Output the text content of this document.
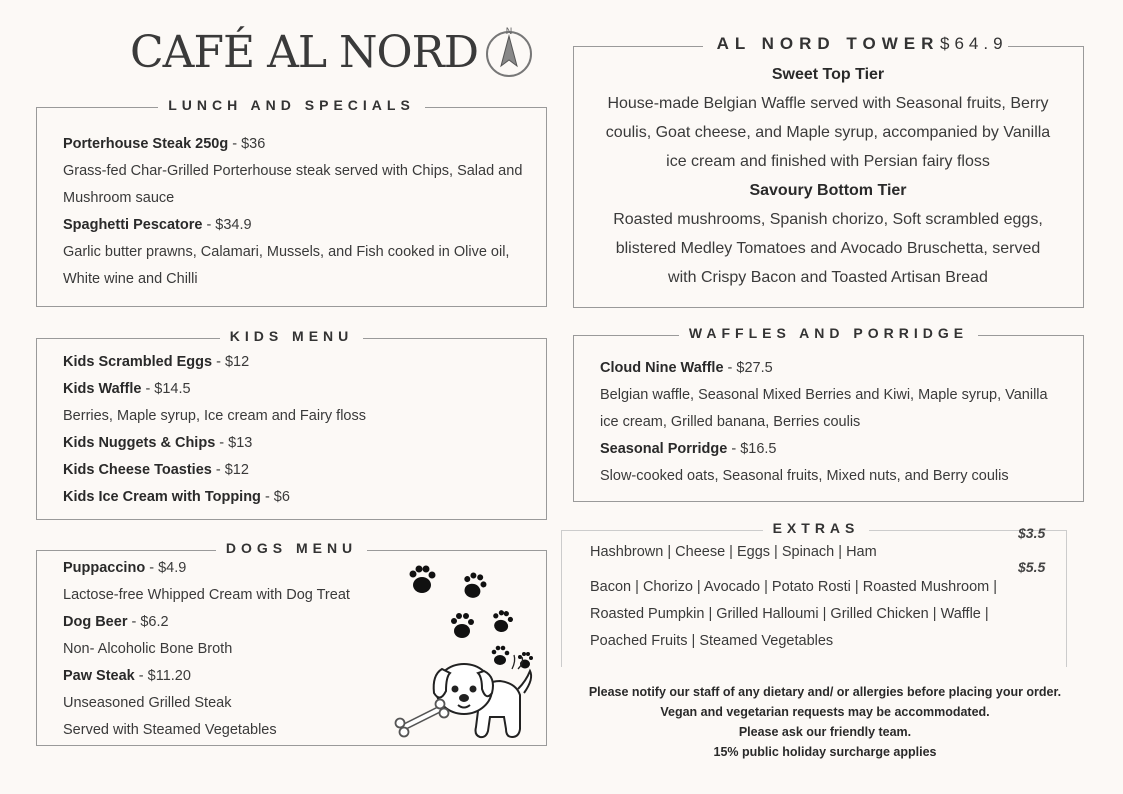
CAFÉ AL NORD	N
LUNCH AND SPECIALS
Porterhouse Steak 250g - $36
Grass-fed Char-Grilled Porterhouse steak served with Chips, Salad and Mushroom sauce
Spaghetti Pescatore - $34.9
Garlic butter prawns, Calamari, Mussels, and Fish cooked in Olive oil, White wine and Chilli
KIDS MENU
Kids Scrambled Eggs - $12
Kids Waffle - $14.5
Berries, Maple syrup, Ice cream and Fairy floss
Kids Nuggets & Chips - $13
Kids Cheese Toasties - $12
Kids Ice Cream with Topping - $6
DOGS MENU
Puppaccino - $4.9
Lactose-free Whipped Cream with Dog Treat
Dog Beer - $6.2
Non- Alcoholic Bone Broth
Paw Steak - $11.20
Unseasoned Grilled Steak
Served with Steamed Vegetables
AL NORD TOWER $64.9
Sweet Top Tier
House-made Belgian Waffle served with Seasonal fruits, Berry
coulis, Goat cheese, and Maple syrup, accompanied by Vanilla
ice cream and finished with Persian fairy floss
Savoury Bottom Tier
Roasted mushrooms, Spanish chorizo, Soft scrambled eggs,
blistered Medley Tomatoes and Avocado Bruschetta, served
with Crispy Bacon and Toasted Artisan Bread
WAFFLES AND PORRIDGE
Cloud Nine Waffle - $27.5
Belgian waffle, Seasonal Mixed Berries and Kiwi, Maple syrup, Vanilla ice cream, Grilled banana, Berries coulis
Seasonal Porridge - $16.5
Slow-cooked oats, Seasonal fruits, Mixed nuts, and Berry coulis
EXTRAS
Hashbrown | Cheese | Eggs | Spinach | Ham
$3.5
$5.5
Bacon | Chorizo | Avocado | Potato Rosti | Roasted Mushroom | Roasted Pumpkin | Grilled Halloumi | Grilled Chicken | Waffle | Poached Fruits | Steamed Vegetables
Please notify our staff of any dietary and/ or allergies before placing your order.
Vegan and vegetarian requests may be accommodated.
Please ask our friendly team.
15% public holiday surcharge applies
